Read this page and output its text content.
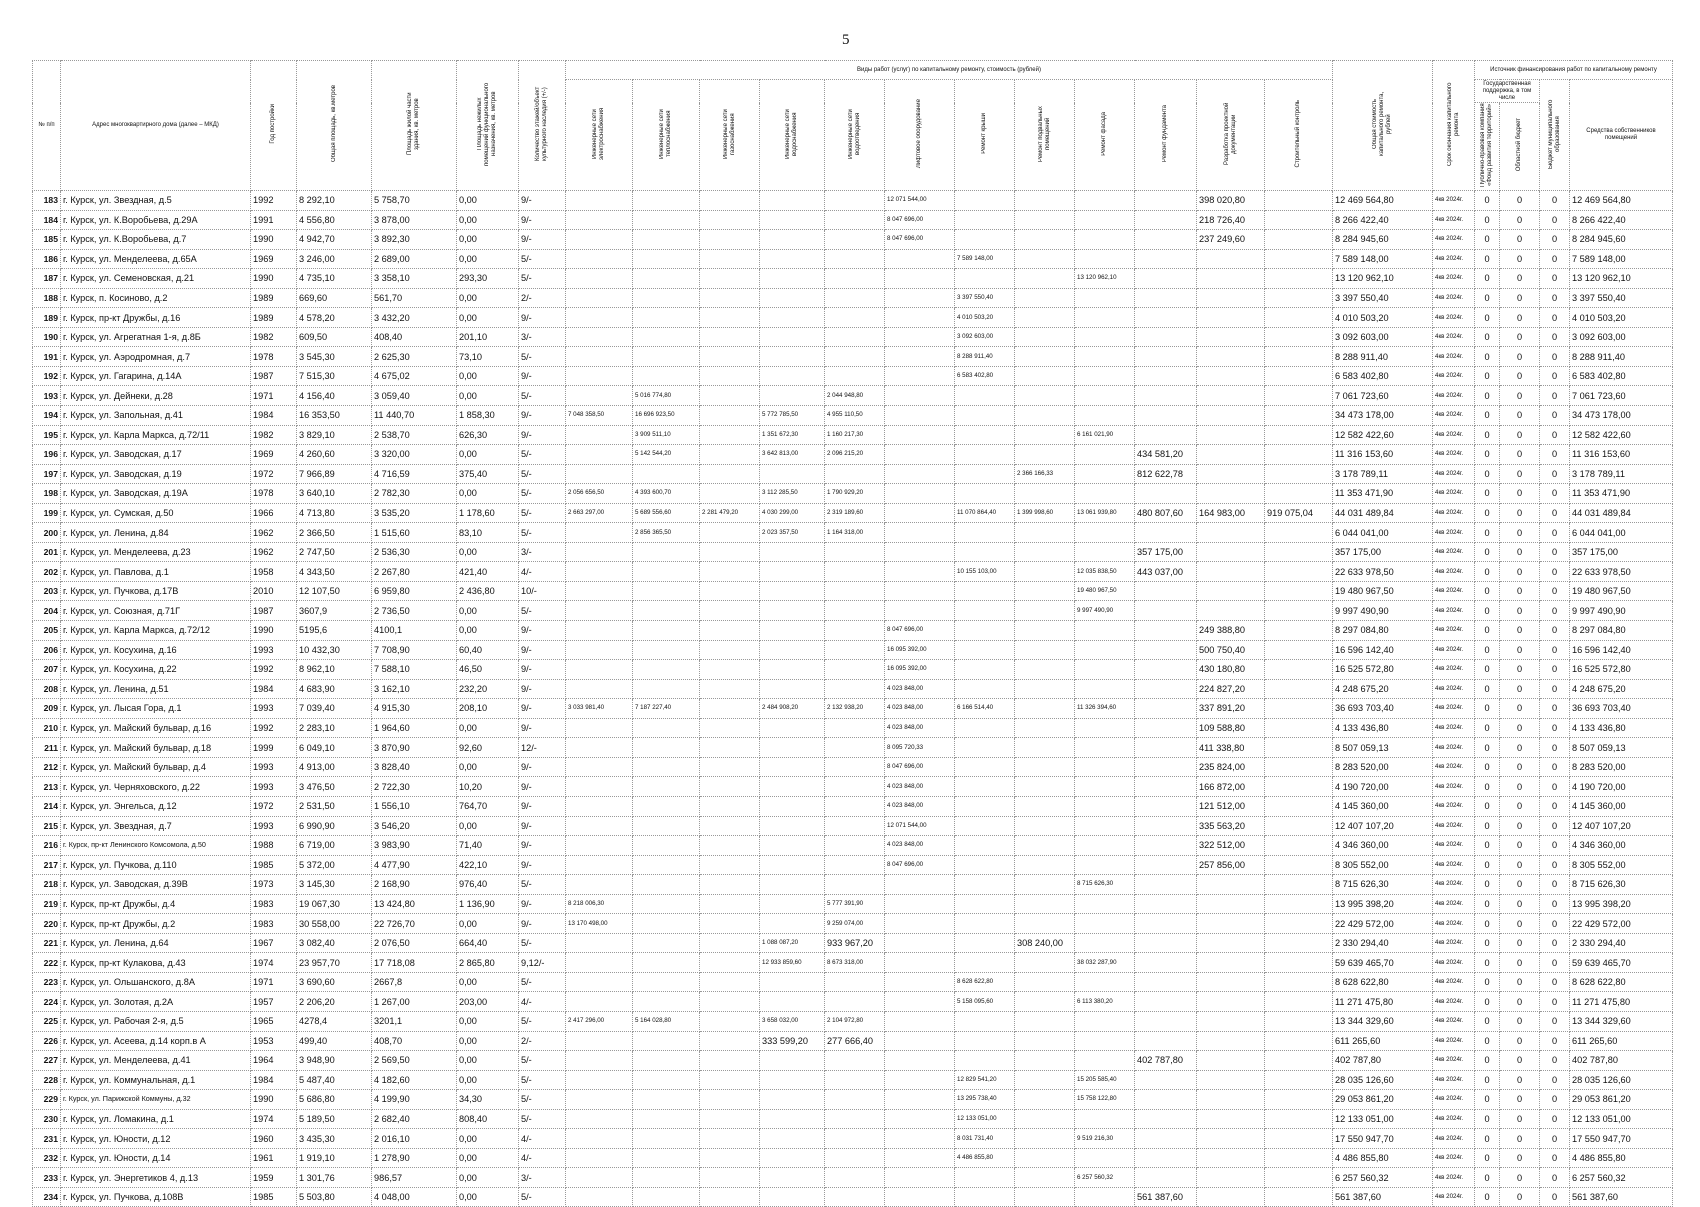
5
№ п/п	Адрес многоквартирного дома (далее – МКД)	Год постройки	Общая площадь, кв.метров	Площадь жилой части здания, кв. метров	Площадь нежилых помещений функционального назначения, кв. метров	Количество этажей/объект культурного наследия (+/-)	Виды работ (услуг) по капитальному ремонту, стоимость (рублей)												Общая стоимость капитального ремонта, рублей	Срок окончания капитального ремонта	Источник финансирования работ по капитальному ремонту			
							Инженерные сети электроснабжения	Инженерные сети теплоснабжения	Инженерные сети газоснабжения	Инженерные сети водоснабжения	Инженерные сети водоотведения	Лифтовое оборудование	Ремонт крыши	Ремонт подвальных помещений	Ремонт фасада	Ремонт фундамента	Разработка проектной документации	Строительный контроль			Государственная поддержка, в том числе		Бюджет муниципального образования	Средства собственников помещений
																					Публично-правовая компания «Фонд развития территорий»	Областной бюджет		
183	г. Курск, ул. Звездная, д.5	1992	8 292,10	5 758,70	0,00	9/-						12 071 544,00					398 020,80		12 469 564,80	4кв 2024г.	0	0	0	12 469 564,80
184	г. Курск, ул. К.Воробьева, д.29А	1991	4 556,80	3 878,00	0,00	9/-						8 047 696,00					218 726,40		8 266 422,40	4кв 2024г.	0	0	0	8 266 422,40
185	г. Курск, ул. К.Воробьева, д.7	1990	4 942,70	3 892,30	0,00	9/-						8 047 696,00					237 249,60		8 284 945,60	4кв 2024г.	0	0	0	8 284 945,60
186	г. Курск, ул. Менделеева, д.65А	1969	3 246,00	2 689,00	0,00	5/-							7 589 148,00						7 589 148,00	4кв 2024г.	0	0	0	7 589 148,00
187	г. Курск, ул. Семеновская, д.21	1990	4 735,10	3 358,10	293,30	5/-									13 120 962,10				13 120 962,10	4кв 2024г.	0	0	0	13 120 962,10
188	г. Курск, п. Косиново, д.2	1989	669,60	561,70	0,00	2/-							3 397 550,40						3 397 550,40	4кв 2024г.	0	0	0	3 397 550,40
189	г. Курск, пр-кт Дружбы, д.16	1989	4 578,20	3 432,20	0,00	9/-							4 010 503,20						4 010 503,20	4кв 2024г.	0	0	0	4 010 503,20
190	г. Курск, ул. Агрегатная 1-я, д.8Б	1982	609,50	408,40	201,10	3/-							3 092 603,00						3 092 603,00	4кв 2024г.	0	0	0	3 092 603,00
191	г. Курск, ул. Аэродромная, д.7	1978	3 545,30	2 625,30	73,10	5/-							8 288 911,40						8 288 911,40	4кв 2024г.	0	0	0	8 288 911,40
192	г. Курск, ул. Гагарина, д.14А	1987	7 515,30	4 675,02	0,00	9/-							6 583 402,80						6 583 402,80	4кв 2024г.	0	0	0	6 583 402,80
193	г. Курск, ул. Дейнеки, д.28	1971	4 156,40	3 059,40	0,00	5/-		5 016 774,80			2 044 948,80								7 061 723,60	4кв 2024г.	0	0	0	7 061 723,60
194	г. Курск, ул. Запольная, д.41	1984	16 353,50	11 440,70	1 858,30	9/-	7 048 358,50	16 696 923,50		5 772 785,50	4 955 110,50								34 473 178,00	4кв 2024г.	0	0	0	34 473 178,00
195	г. Курск, ул. Карла Маркса, д.72/11	1982	3 829,10	2 538,70	626,30	9/-		3 909 511,10		1 351 672,30	1 160 217,30				6 161 021,90				12 582 422,60	4кв 2024г.	0	0	0	12 582 422,60
196	г. Курск, ул. Заводская, д.17	1969	4 260,60	3 320,00	0,00	5/-		5 142 544,20		3 642 813,00	2 096 215,20					434 581,20			11 316 153,60	4кв 2024г.	0	0	0	11 316 153,60
197	г. Курск, ул. Заводская, д.19	1972	7 966,89	4 716,59	375,40	5/-								2 366 166,33		812 622,78			3 178 789,11	4кв 2024г.	0	0	0	3 178 789,11
198	г. Курск, ул. Заводская, д.19А	1978	3 640,10	2 782,30	0,00	5/-	2 056 656,50	4 393 600,70		3 112 285,50	1 790 929,20								11 353 471,90	4кв 2024г.	0	0	0	11 353 471,90
199	г. Курск, ул. Сумская, д.50	1966	4 713,80	3 535,20	1 178,60	5/-	2 663 297,00	5 689 556,60	2 281 479,20	4 030 299,00	2 319 189,60		11 070 864,40	1 399 998,60	13 061 939,80	480 807,60	164 983,00	919 075,04	44 031 489,84	4кв 2024г.	0	0	0	44 031 489,84
200	г. Курск, ул. Ленина, д.84	1962	2 366,50	1 515,60	83,10	5/-		2 856 365,50		2 023 357,50	1 164 318,00								6 044 041,00	4кв 2024г.	0	0	0	6 044 041,00
201	г. Курск, ул. Менделеева, д.23	1962	2 747,50	2 536,30	0,00	3/-										357 175,00			357 175,00	4кв 2024г.	0	0	0	357 175,00
202	г. Курск, ул. Павлова, д.1	1958	4 343,50	2 267,80	421,40	4/-							10 155 103,00		12 035 838,50	443 037,00			22 633 978,50	4кв 2024г.	0	0	0	22 633 978,50
203	г. Курск, ул. Пучкова, д.17В	2010	12 107,50	6 959,80	2 436,80	10/-									19 480 967,50				19 480 967,50	4кв 2024г.	0	0	0	19 480 967,50
204	г. Курск, ул. Союзная, д.71Г	1987	3607,9	2 736,50	0,00	5/-									9 997 490,90				9 997 490,90	4кв 2024г.	0	0	0	9 997 490,90
205	г. Курск, ул. Карла Маркса, д.72/12	1990	5195,6	4100,1	0,00	9/-						8 047 696,00					249 388,80		8 297 084,80	4кв 2024г.	0	0	0	8 297 084,80
206	г. Курск, ул. Косухина, д.16	1993	10 432,30	7 708,90	60,40	9/-						16 095 392,00					500 750,40		16 596 142,40	4кв 2024г.	0	0	0	16 596 142,40
207	г. Курск, ул. Косухина, д.22	1992	8 962,10	7 588,10	46,50	9/-						16 095 392,00					430 180,80		16 525 572,80	4кв 2024г.	0	0	0	16 525 572,80
208	г. Курск, ул. Ленина, д.51	1984	4 683,90	3 162,10	232,20	9/-						4 023 848,00					224 827,20		4 248 675,20	4кв 2024г.	0	0	0	4 248 675,20
209	г. Курск, ул. Лысая Гора, д.1	1993	7 039,40	4 915,30	208,10	9/-	3 033 981,40	7 187 227,40		2 484 908,20	2 132 938,20	4 023 848,00	6 166 514,40		11 326 394,60		337 891,20		36 693 703,40	4кв 2024г.	0	0	0	36 693 703,40
210	г. Курск, ул. Майский бульвар, д.16	1992	2 283,10	1 964,60	0,00	9/-						4 023 848,00					109 588,80		4 133 436,80	4кв 2024г.	0	0	0	4 133 436,80
211	г. Курск, ул. Майский бульвар, д.18	1999	6 049,10	3 870,90	92,60	12/-						8 095 720,33					411 338,80		8 507 059,13	4кв 2024г.	0	0	0	8 507 059,13
212	г. Курск, ул. Майский бульвар, д.4	1993	4 913,00	3 828,40	0,00	9/-						8 047 696,00					235 824,00		8 283 520,00	4кв 2024г.	0	0	0	8 283 520,00
213	г. Курск, ул. Черняховского, д.22	1993	3 476,50	2 722,30	10,20	9/-						4 023 848,00					166 872,00		4 190 720,00	4кв 2024г.	0	0	0	4 190 720,00
214	г. Курск, ул. Энгельса, д.12	1972	2 531,50	1 556,10	764,70	9/-						4 023 848,00					121 512,00		4 145 360,00	4кв 2024г.	0	0	0	4 145 360,00
215	г. Курск, ул. Звездная, д.7	1993	6 990,90	3 546,20	0,00	9/-						12 071 544,00					335 563,20		12 407 107,20	4кв 2024г.	0	0	0	12 407 107,20
216	г. Курск, пр-кт Ленинского Комсомола, д.50	1988	6 719,00	3 983,90	71,40	9/-						4 023 848,00					322 512,00		4 346 360,00	4кв 2024г.	0	0	0	4 346 360,00
217	г. Курск, ул. Пучкова, д.110	1985	5 372,00	4 477,90	422,10	9/-						8 047 696,00					257 856,00		8 305 552,00	4кв 2024г.	0	0	0	8 305 552,00
218	г. Курск, ул. Заводская, д.39В	1973	3 145,30	2 168,90	976,40	5/-									8 715 626,30				8 715 626,30	4кв 2024г.	0	0	0	8 715 626,30
219	г. Курск, пр-кт Дружбы, д.4	1983	19 067,30	13 424,80	1 136,90	9/-	8 218 006,30				5 777 391,90								13 995 398,20	4кв 2024г.	0	0	0	13 995 398,20
220	г. Курск, пр-кт Дружбы, д.2	1983	30 558,00	22 726,70	0,00	9/-	13 170 498,00				9 259 074,00								22 429 572,00	4кв 2024г.	0	0	0	22 429 572,00
221	г. Курск, ул. Ленина, д.64	1967	3 082,40	2 076,50	664,40	5/-				1 088 087,20	933 967,20			308 240,00					2 330 294,40	4кв 2024г.	0	0	0	2 330 294,40
222	г. Курск, пр-кт Кулакова, д.43	1974	23 957,70	17 718,08	2 865,80	9,12/-				12 933 859,60	8 673 318,00				38 032 287,90				59 639 465,70	4кв 2024г.	0	0	0	59 639 465,70
223	г. Курск, ул. Ольшанского, д.8А	1971	3 690,60	2667,8	0,00	5/-							8 628 622,80						8 628 622,80	4кв 2024г.	0	0	0	8 628 622,80
224	г. Курск, ул. Золотая, д.2А	1957	2 206,20	1 267,00	203,00	4/-							5 158 095,60		6 113 380,20				11 271 475,80	4кв 2024г.	0	0	0	11 271 475,80
225	г. Курск, ул. Рабочая 2-я, д.5	1965	4278,4	3201,1	0,00	5/-	2 417 296,00	5 164 028,80		3 658 032,00	2 104 972,80								13 344 329,60	4кв 2024г.	0	0	0	13 344 329,60
226	г. Курск, ул. Асеева, д.14 корп.в А	1953	499,40	408,70	0,00	2/-				333 599,20	277 666,40								611 265,60	4кв 2024г.	0	0	0	611 265,60
227	г. Курск, ул. Менделеева, д.41	1964	3 948,90	2 569,50	0,00	5/-										402 787,80			402 787,80	4кв 2024г.	0	0	0	402 787,80
228	г. Курск, ул. Коммунальная, д.1	1984	5 487,40	4 182,60	0,00	5/-							12 829 541,20		15 205 585,40				28 035 126,60	4кв 2024г.	0	0	0	28 035 126,60
229	г. Курск, ул. Парижской Коммуны, д.32	1990	5 686,80	4 199,90	34,30	5/-							13 295 738,40		15 758 122,80				29 053 861,20	4кв 2024г.	0	0	0	29 053 861,20
230	г. Курск, ул. Ломакина, д.1	1974	5 189,50	2 682,40	808,40	5/-							12 133 051,00						12 133 051,00	4кв 2024г.	0	0	0	12 133 051,00
231	г. Курск, ул. Юности, д.12	1960	3 435,30	2 016,10	0,00	4/-							8 031 731,40		9 519 216,30				17 550 947,70	4кв 2024г.	0	0	0	17 550 947,70
232	г. Курск, ул. Юности, д.14	1961	1 919,10	1 278,90	0,00	4/-							4 486 855,80						4 486 855,80	4кв 2024г.	0	0	0	4 486 855,80
233	г. Курск, ул. Энергетиков 4, д.13	1959	1 301,76	986,57	0,00	3/-									6 257 560,32				6 257 560,32	4кв 2024г.	0	0	0	6 257 560,32
234	г. Курск, ул. Пучкова, д.108В	1985	5 503,80	4 048,00	0,00	5/-										561 387,60			561 387,60	4кв 2024г.	0	0	0	561 387,60
